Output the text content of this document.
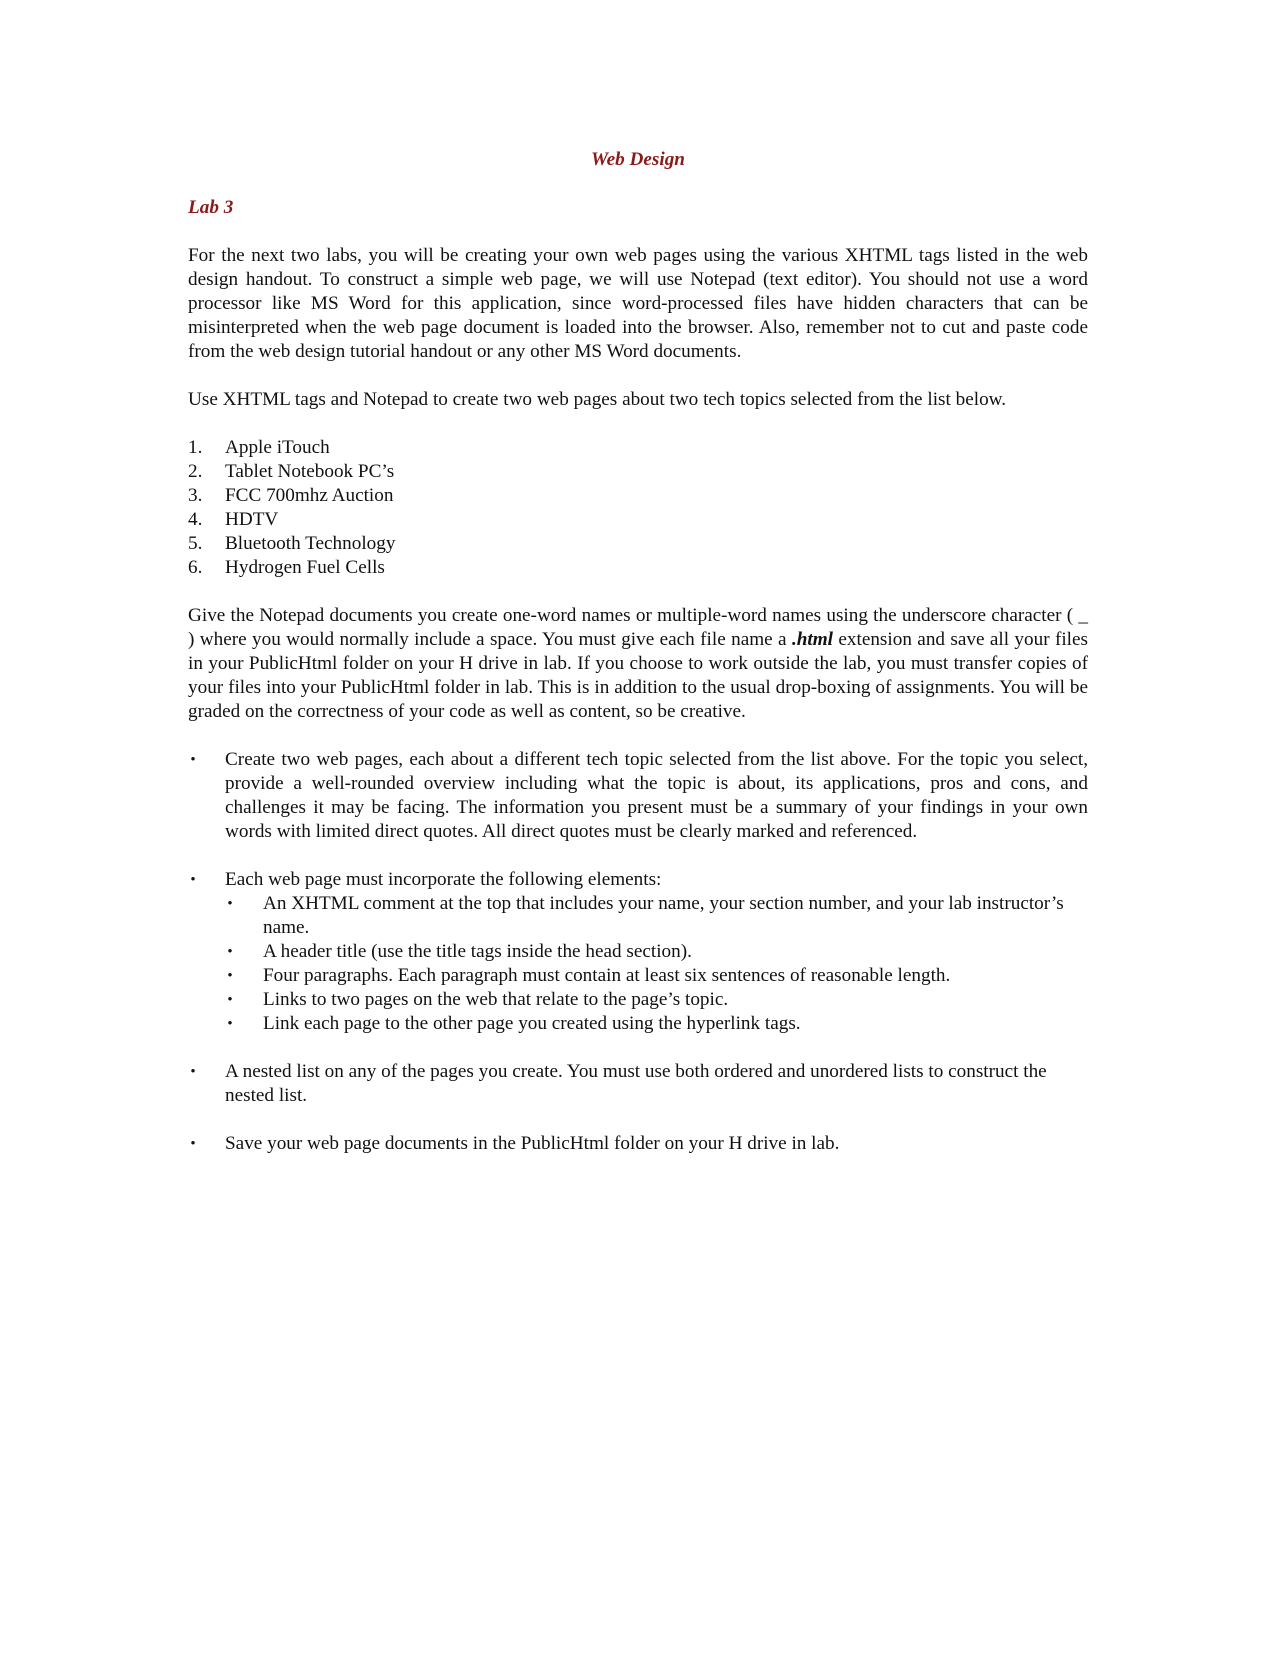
Web Design
Lab 3

For the next two labs, you will be creating your own web pages using the various XHTML tags listed in the web design handout. To construct a simple web page, we will use Notepad (text editor). You should not use a word processor like MS Word for this application, since word-processed files have hidden characters that can be misinterpreted when the web page document is loaded into the browser. Also, remember not to cut and paste code from the web design tutorial handout or any other MS Word documents.

Use XHTML tags and Notepad to create two web pages about two tech topics selected from the list below.

1. Apple iTouch
2. Tablet Notebook PC’s
3. FCC 700mhz Auction
4. HDTV
5. Bluetooth Technology
6. Hydrogen Fuel Cells

Give the Notepad documents you create one-word names or multiple-word names using the underscore character ( _ ) where you would normally include a space. You must give each file name a .html extension and save all your files in your PublicHtml folder on your H drive in lab. If you choose to work outside the lab, you must transfer copies of your files into your PublicHtml folder in lab. This is in addition to the usual drop-boxing of assignments. You will be graded on the correctness of your code as well as content, so be creative.

• Create two web pages, each about a different tech topic selected from the list above. For the topic you select, provide a well-rounded overview including what the topic is about, its applications, pros and cons, and challenges it may be facing. The information you present must be a summary of your findings in your own words with limited direct quotes. All direct quotes must be clearly marked and referenced.
• Each web page must incorporate the following elements:
• An XHTML comment at the top that includes your name, your section number, and your lab instructor’s name.
• A header title (use the title tags inside the head section).
• Four paragraphs. Each paragraph must contain at least six sentences of reasonable length.
• Links to two pages on the web that relate to the page’s topic.
• Link each page to the other page you created using the hyperlink tags.
• A nested list on any of the pages you create. You must use both ordered and unordered lists to construct the nested list.
• Save your web page documents in the PublicHtml folder on your H drive in lab.
